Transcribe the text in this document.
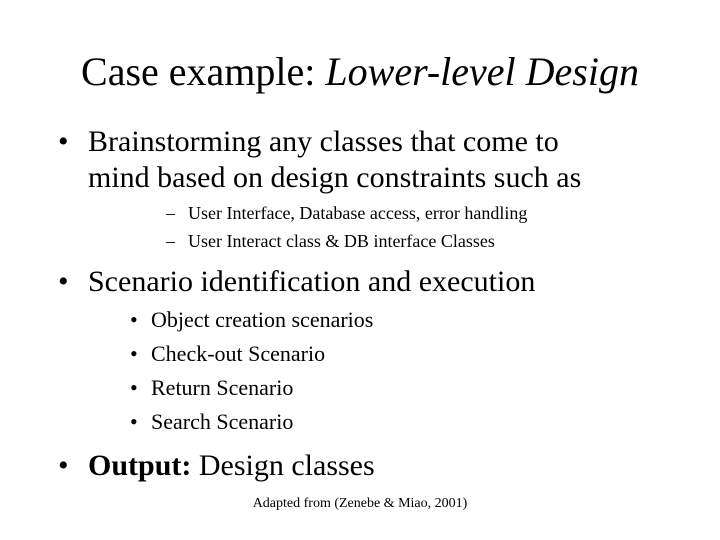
Case example: Lower-level Design
• Brainstorming any classes that come to
mind based on design constraints such as
– User Interface, Database access, error handling
– User Interact class & DB interface Classes
• Scenario identification and execution
• Object creation scenarios
• Check-out Scenario
• Return Scenario
• Search Scenario
• Output: Design classes
Adapted from (Zenebe & Miao, 2001)
